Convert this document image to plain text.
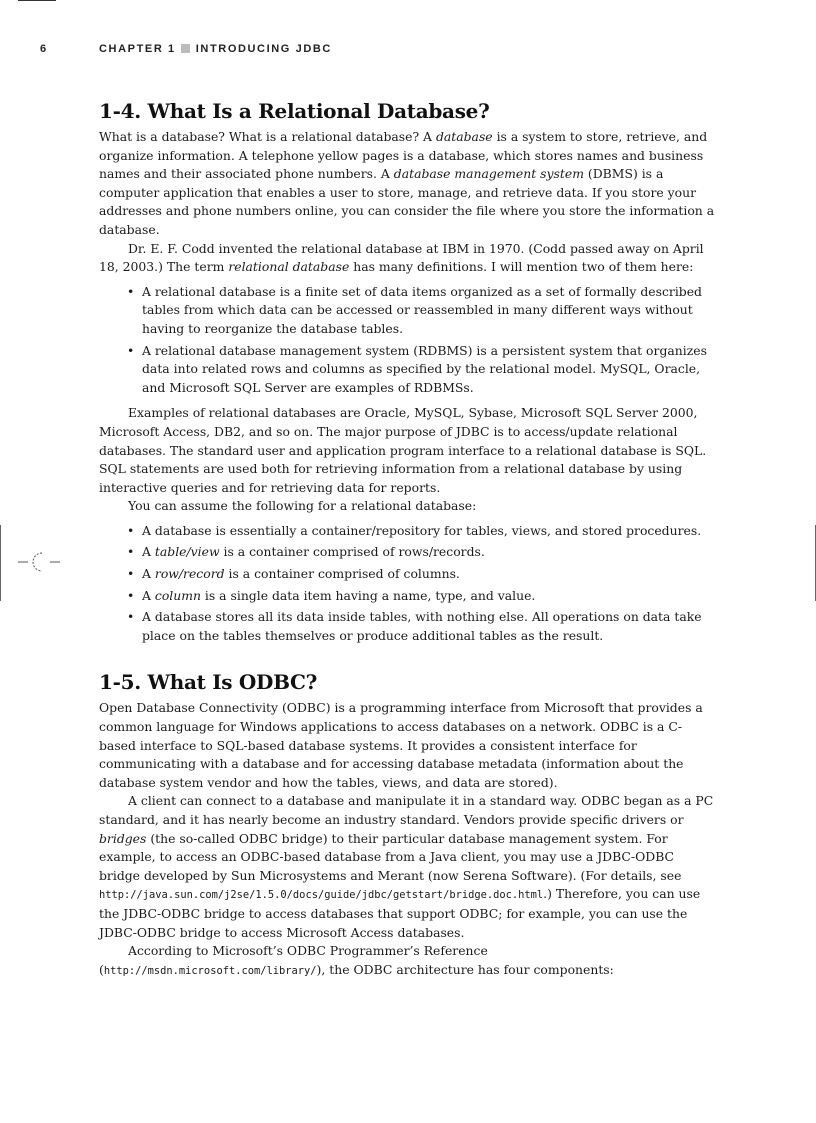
6	CHAPTER 1 INTRODUCING JDBC
1-4. What Is a Relational Database?

What is a database? What is a relational database? A database is a system to store, retrieve, and organize information. A telephone yellow pages is a database, which stores names and business names and their associated phone numbers. A database management system (DBMS) is a computer application that enables a user to store, manage, and retrieve data. If you store your addresses and phone numbers online, you can consider the file where you store the information a database.

Dr. E. F. Codd invented the relational database at IBM in 1970. (Codd passed away on April 18, 2003.) The term relational database has many definitions. I will mention two of them here:

• A relational database is a finite set of data items organized as a set of formally described tables from which data can be accessed or reassembled in many different ways without having to reorganize the database tables.
• A relational database management system (RDBMS) is a persistent system that organizes data into related rows and columns as specified by the relational model. MySQL, Oracle, and Microsoft SQL Server are examples of RDBMSs.

Examples of relational databases are Oracle, MySQL, Sybase, Microsoft SQL Server 2000, Microsoft Access, DB2, and so on. The major purpose of JDBC is to access/update relational databases. The standard user and application program interface to a relational database is SQL. SQL statements are used both for retrieving information from a relational database by using interactive queries and for retrieving data for reports.

You can assume the following for a relational database:

• A database is essentially a container/repository for tables, views, and stored procedures.
• A table/view is a container comprised of rows/records.
• A row/record is a container comprised of columns.
• A column is a single data item having a name, type, and value.
• A database stores all its data inside tables, with nothing else. All operations on data take place on the tables themselves or produce additional tables as the result.
1-5. What Is ODBC?

Open Database Connectivity (ODBC) is a programming interface from Microsoft that provides a common language for Windows applications to access databases on a network. ODBC is a C-based interface to SQL-based database systems. It provides a consistent interface for communicating with a database and for accessing database metadata (information about the database system vendor and how the tables, views, and data are stored).

A client can connect to a database and manipulate it in a standard way. ODBC began as a PC standard, and it has nearly become an industry standard. Vendors provide specific drivers or bridges (the so-called ODBC bridge) to their particular database management system. For example, to access an ODBC-based database from a Java client, you may use a JDBC-ODBC bridge developed by Sun Microsystems and Merant (now Serena Software). (For details, see http://java.sun.com/j2se/1.5.0/docs/guide/jdbc/getstart/bridge.doc.html.) Therefore, you can use the JDBC-ODBC bridge to access databases that support ODBC; for example, you can use the JDBC-ODBC bridge to access Microsoft Access databases.

According to Microsoft’s ODBC Programmer’s Reference (http://msdn.microsoft.com/library/), the ODBC architecture has four components:
